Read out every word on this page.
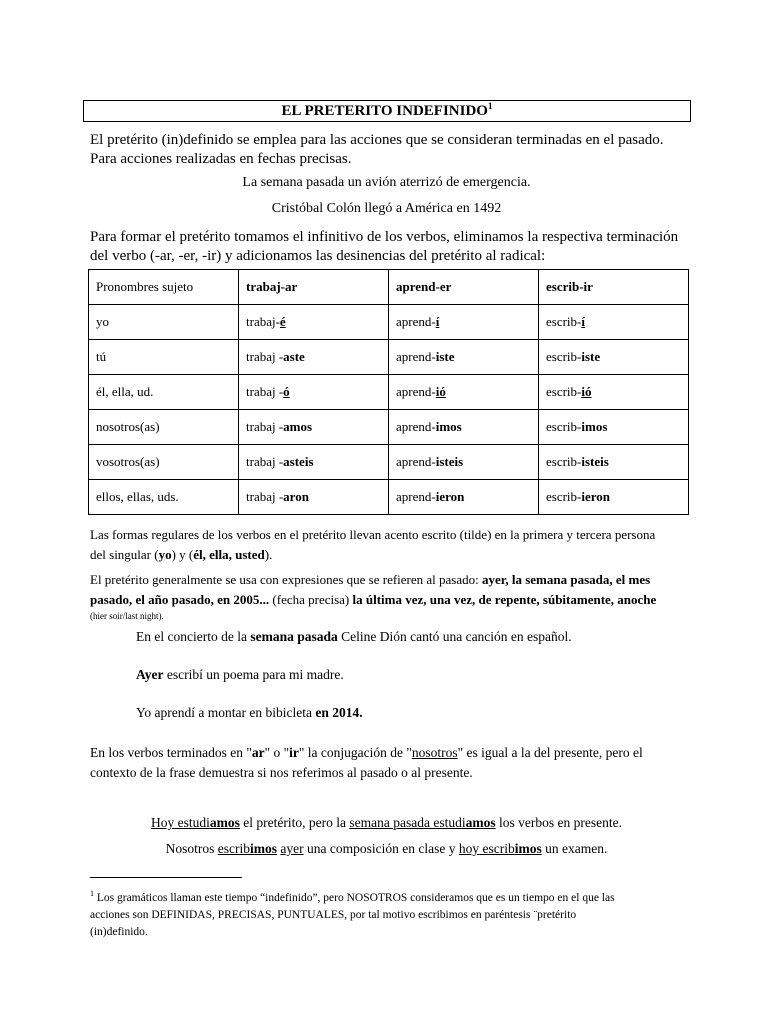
EL PRETERITO INDEFINIDO$^1$
El pretérito (in)definido se emplea para las acciones que se consideran terminadas en el pasado.
Para acciones realizadas en fechas precisas.
La semana pasada un avión aterrizó de emergencia.
Cristóbal Colón llegó a América en 1492
Para formar el pretérito tomamos el infinitivo de los verbos, eliminamos la respectiva terminación
del verbo (-ar, -er, -ir) y adicionamos las desinencias del pretérito al radical:
Pronombres sujeto	trabaj-ar	aprend-er	escrib-ir
yo	trabaj-é	aprend-í	escrib-í
tú	trabaj -aste	aprend-iste	escrib-iste
él, ella, ud.	trabaj -ó	aprend-ió	escrib-ió
nosotros(as)	trabaj -amos	aprend-imos	escrib-imos
vosotros(as)	trabaj -asteis	aprend-isteis	escrib-isteis
ellos, ellas, uds.	trabaj -aron	aprend-ieron	escrib-ieron
Las formas regulares de los verbos en el pretérito llevan acento escrito (tilde) en la primera y tercera persona
del singular (yo) y (él, ella, usted).
El pretérito generalmente se usa con expresiones que se refieren al pasado: ayer, la semana pasada, el mes
pasado, el año pasado, en 2005... (fecha precisa) la última vez, una vez, de repente, súbitamente, anoche
(hier soir/last night).
En el concierto de la semana pasada Celine Dión cantó una canción en español.
Ayer escribí un poema para mi madre.
Yo aprendí a montar en bibicleta en 2014.
En los verbos terminados en "ar" o "ir" la conjugación de "nosotros" es igual a la del presente, pero el
contexto de la frase demuestra si nos referimos al pasado o al presente.
Hoy estudiamos el pretérito, pero la semana pasada estudiamos los verbos en presente.
Nosotros escribimos ayer una composición en clase y hoy escribimos un examen.
$^1$ Los gramáticos llaman este tiempo “indefinido”, pero NOSOTROS consideramos que es un tiempo en el que las
acciones son DEFINIDAS, PRECISAS, PUNTUALES, por tal motivo escribimos en paréntesis ¨pretérito
(in)definido.
